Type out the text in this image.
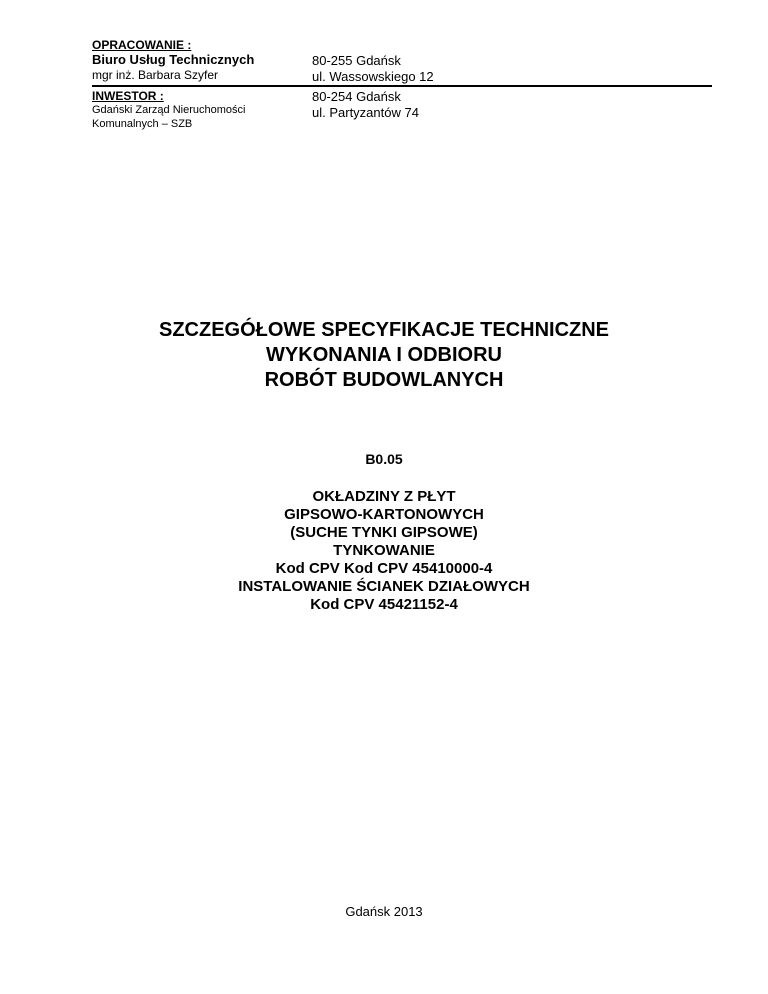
OPRACOWANIE :
Biuro Usług Technicznych
mgr inż. Barbara Szyfer
80-255 Gdańsk
ul. Wassowskiego 12
INWESTOR :
Gdański Zarząd Nieruchomości
Komunalnych – SZB
80-254 Gdańsk
ul. Partyzantów 74
SZCZEGÓŁOWE SPECYFIKACJE TECHNICZNE
WYKONANIA I ODBIORU
ROBÓT BUDOWLANYCH
B0.05
OKŁADZINY Z PŁYT
GIPSOWO-KARTONOWYCH
(SUCHE TYNKI GIPSOWE)
TYNKOWANIE
Kod CPV Kod CPV 45410000-4
INSTALOWANIE ŚCIANEK DZIAŁOWYCH
Kod CPV 45421152-4
Gdańsk 2013
